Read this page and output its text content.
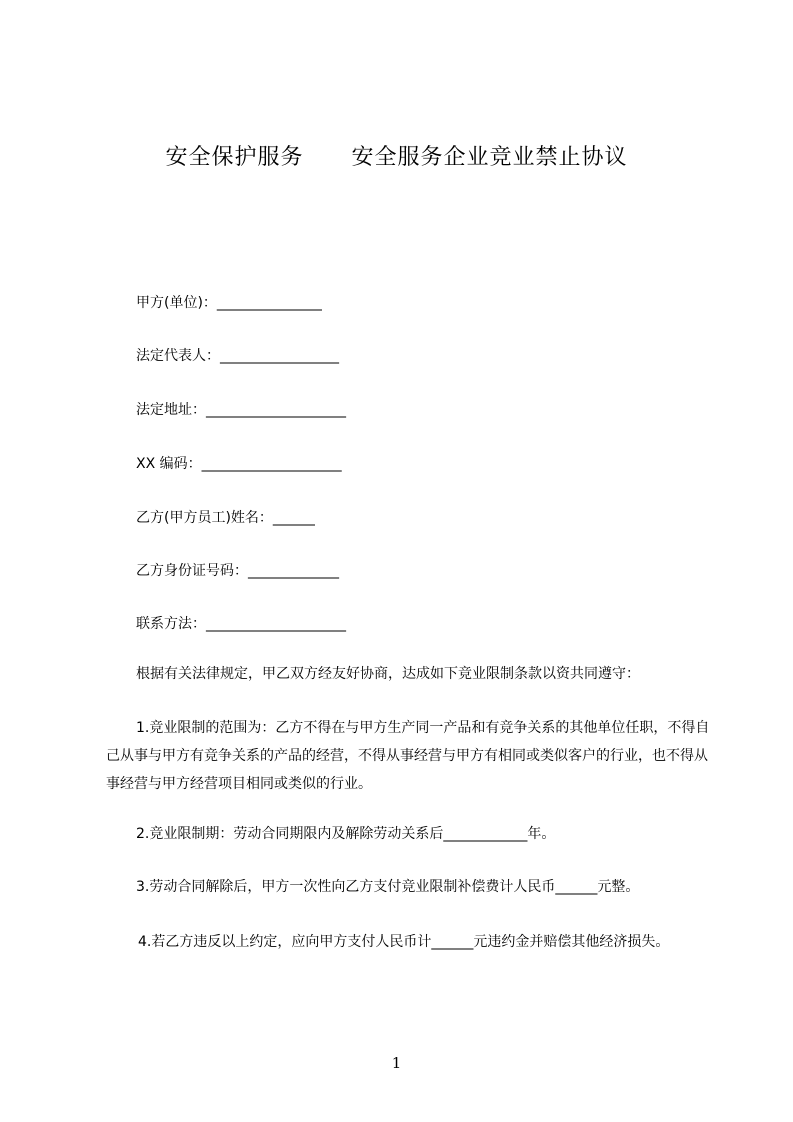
安全保护服务      安全服务企业竞业禁止协议
甲方(单位)：_______________
法定代表人：_________________
法定地址：____________________
XX 编码：____________________
乙方(甲方员工)姓名：______
乙方身份证号码：_____________
联系方法：____________________
根据有关法律规定，甲乙双方经友好协商，达成如下竞业限制条款以资共同遵守：
1.竞业限制的范围为：乙方不得在与甲方生产同一产品和有竞争关系的其他单位任职，不得自己从事与甲方有竞争关系的产品的经营，不得从事经营与甲方有相同或类似客户的行业，也不得从事经营与甲方经营项目相同或类似的行业。
2.竞业限制期：劳动合同期限内及解除劳动关系后____________年。
3.劳动合同解除后，甲方一次性向乙方支付竞业限制补偿费计人民币______元整。
4.若乙方违反以上约定，应向甲方支付人民币计______元违约金并赔偿其他经济损失。
1
